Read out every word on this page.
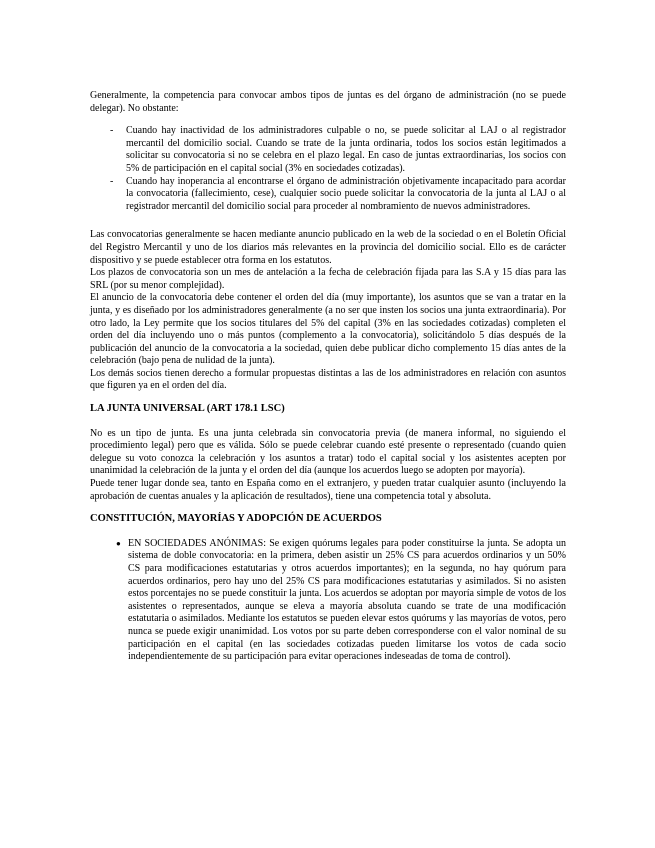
Generalmente, la competencia para convocar ambos tipos de juntas es del órgano de administración (no se puede delegar). No obstante:

- Cuando hay inactividad de los administradores culpable o no, se puede solicitar al LAJ o al registrador mercantil del domicilio social. Cuando se trate de la junta ordinaria, todos los socios están legitimados a solicitar su convocatoria si no se celebra en el plazo legal. En caso de juntas extraordinarias, los socios con 5% de participación en el capital social (3% en sociedades cotizadas).
- Cuando hay inoperancia al encontrarse el órgano de administración objetivamente incapacitado para acordar la convocatoria (fallecimiento, cese), cualquier socio puede solicitar la convocatoria de la junta al LAJ o al registrador mercantil del domicilio social para proceder al nombramiento de nuevos administradores.

Las convocatorias generalmente se hacen mediante anuncio publicado en la web de la sociedad o en el Boletín Oficial del Registro Mercantil y uno de los diarios más relevantes en la provincia del domicilio social. Ello es de carácter dispositivo y se puede establecer otra forma en los estatutos.

Los plazos de convocatoria son un mes de antelación a la fecha de celebración fijada para las S.A y 15 días para las SRL (por su menor complejidad).

El anuncio de la convocatoria debe contener el orden del día (muy importante), los asuntos que se van a tratar en la junta, y es diseñado por los administradores generalmente (a no ser que insten los socios una junta extraordinaria). Por otro lado, la Ley permite que los socios titulares del 5% del capital (3% en las sociedades cotizadas) completen el orden del día incluyendo uno o más puntos (complemento a la convocatoria), solicitándolo 5 días después de la publicación del anuncio de la convocatoria a la sociedad, quien debe publicar dicho complemento 15 días antes de la celebración (bajo pena de nulidad de la junta).

Los demás socios tienen derecho a formular propuestas distintas a las de los administradores en relación con asuntos que figuren ya en el orden del día.

LA JUNTA UNIVERSAL (ART 178.1 LSC)

No es un tipo de junta. Es una junta celebrada sin convocatoria previa (de manera informal, no siguiendo el procedimiento legal) pero que es válida. Sólo se puede celebrar cuando esté presente o representado (cuando quien delegue su voto conozca la celebración y los asuntos a tratar) todo el capital social y los asistentes acepten por unanimidad la celebración de la junta y el orden del día (aunque los acuerdos luego se adopten por mayoría).

Puede tener lugar donde sea, tanto en España como en el extranjero, y pueden tratar cualquier asunto (incluyendo la aprobación de cuentas anuales y la aplicación de resultados), tiene una competencia total y absoluta.

CONSTITUCIÓN, MAYORÍAS Y ADOPCIÓN DE ACUERDOS
● EN SOCIEDADES ANÓNIMAS: Se exigen quórums legales para poder constituirse la junta. Se adopta un sistema de doble convocatoria: en la primera, deben asistir un 25% CS para acuerdos ordinarios y un 50% CS para modificaciones estatutarias y otros acuerdos importantes); en la segunda, no hay quórum para acuerdos ordinarios, pero hay uno del 25% CS para modificaciones estatutarias y asimilados. Si no asisten estos porcentajes no se puede constituir la junta. Los acuerdos se adoptan por mayoría simple de votos de los asistentes o representados, aunque se eleva a mayoría absoluta cuando se trate de una modificación estatutaria o asimilados. Mediante los estatutos se pueden elevar estos quórums y las mayorías de votos, pero nunca se puede exigir unanimidad. Los votos por su parte deben corresponderse con el valor nominal de su participación en el capital (en las sociedades cotizadas pueden limitarse los votos de cada socio independientemente de su participación para evitar operaciones indeseadas de toma de control).
